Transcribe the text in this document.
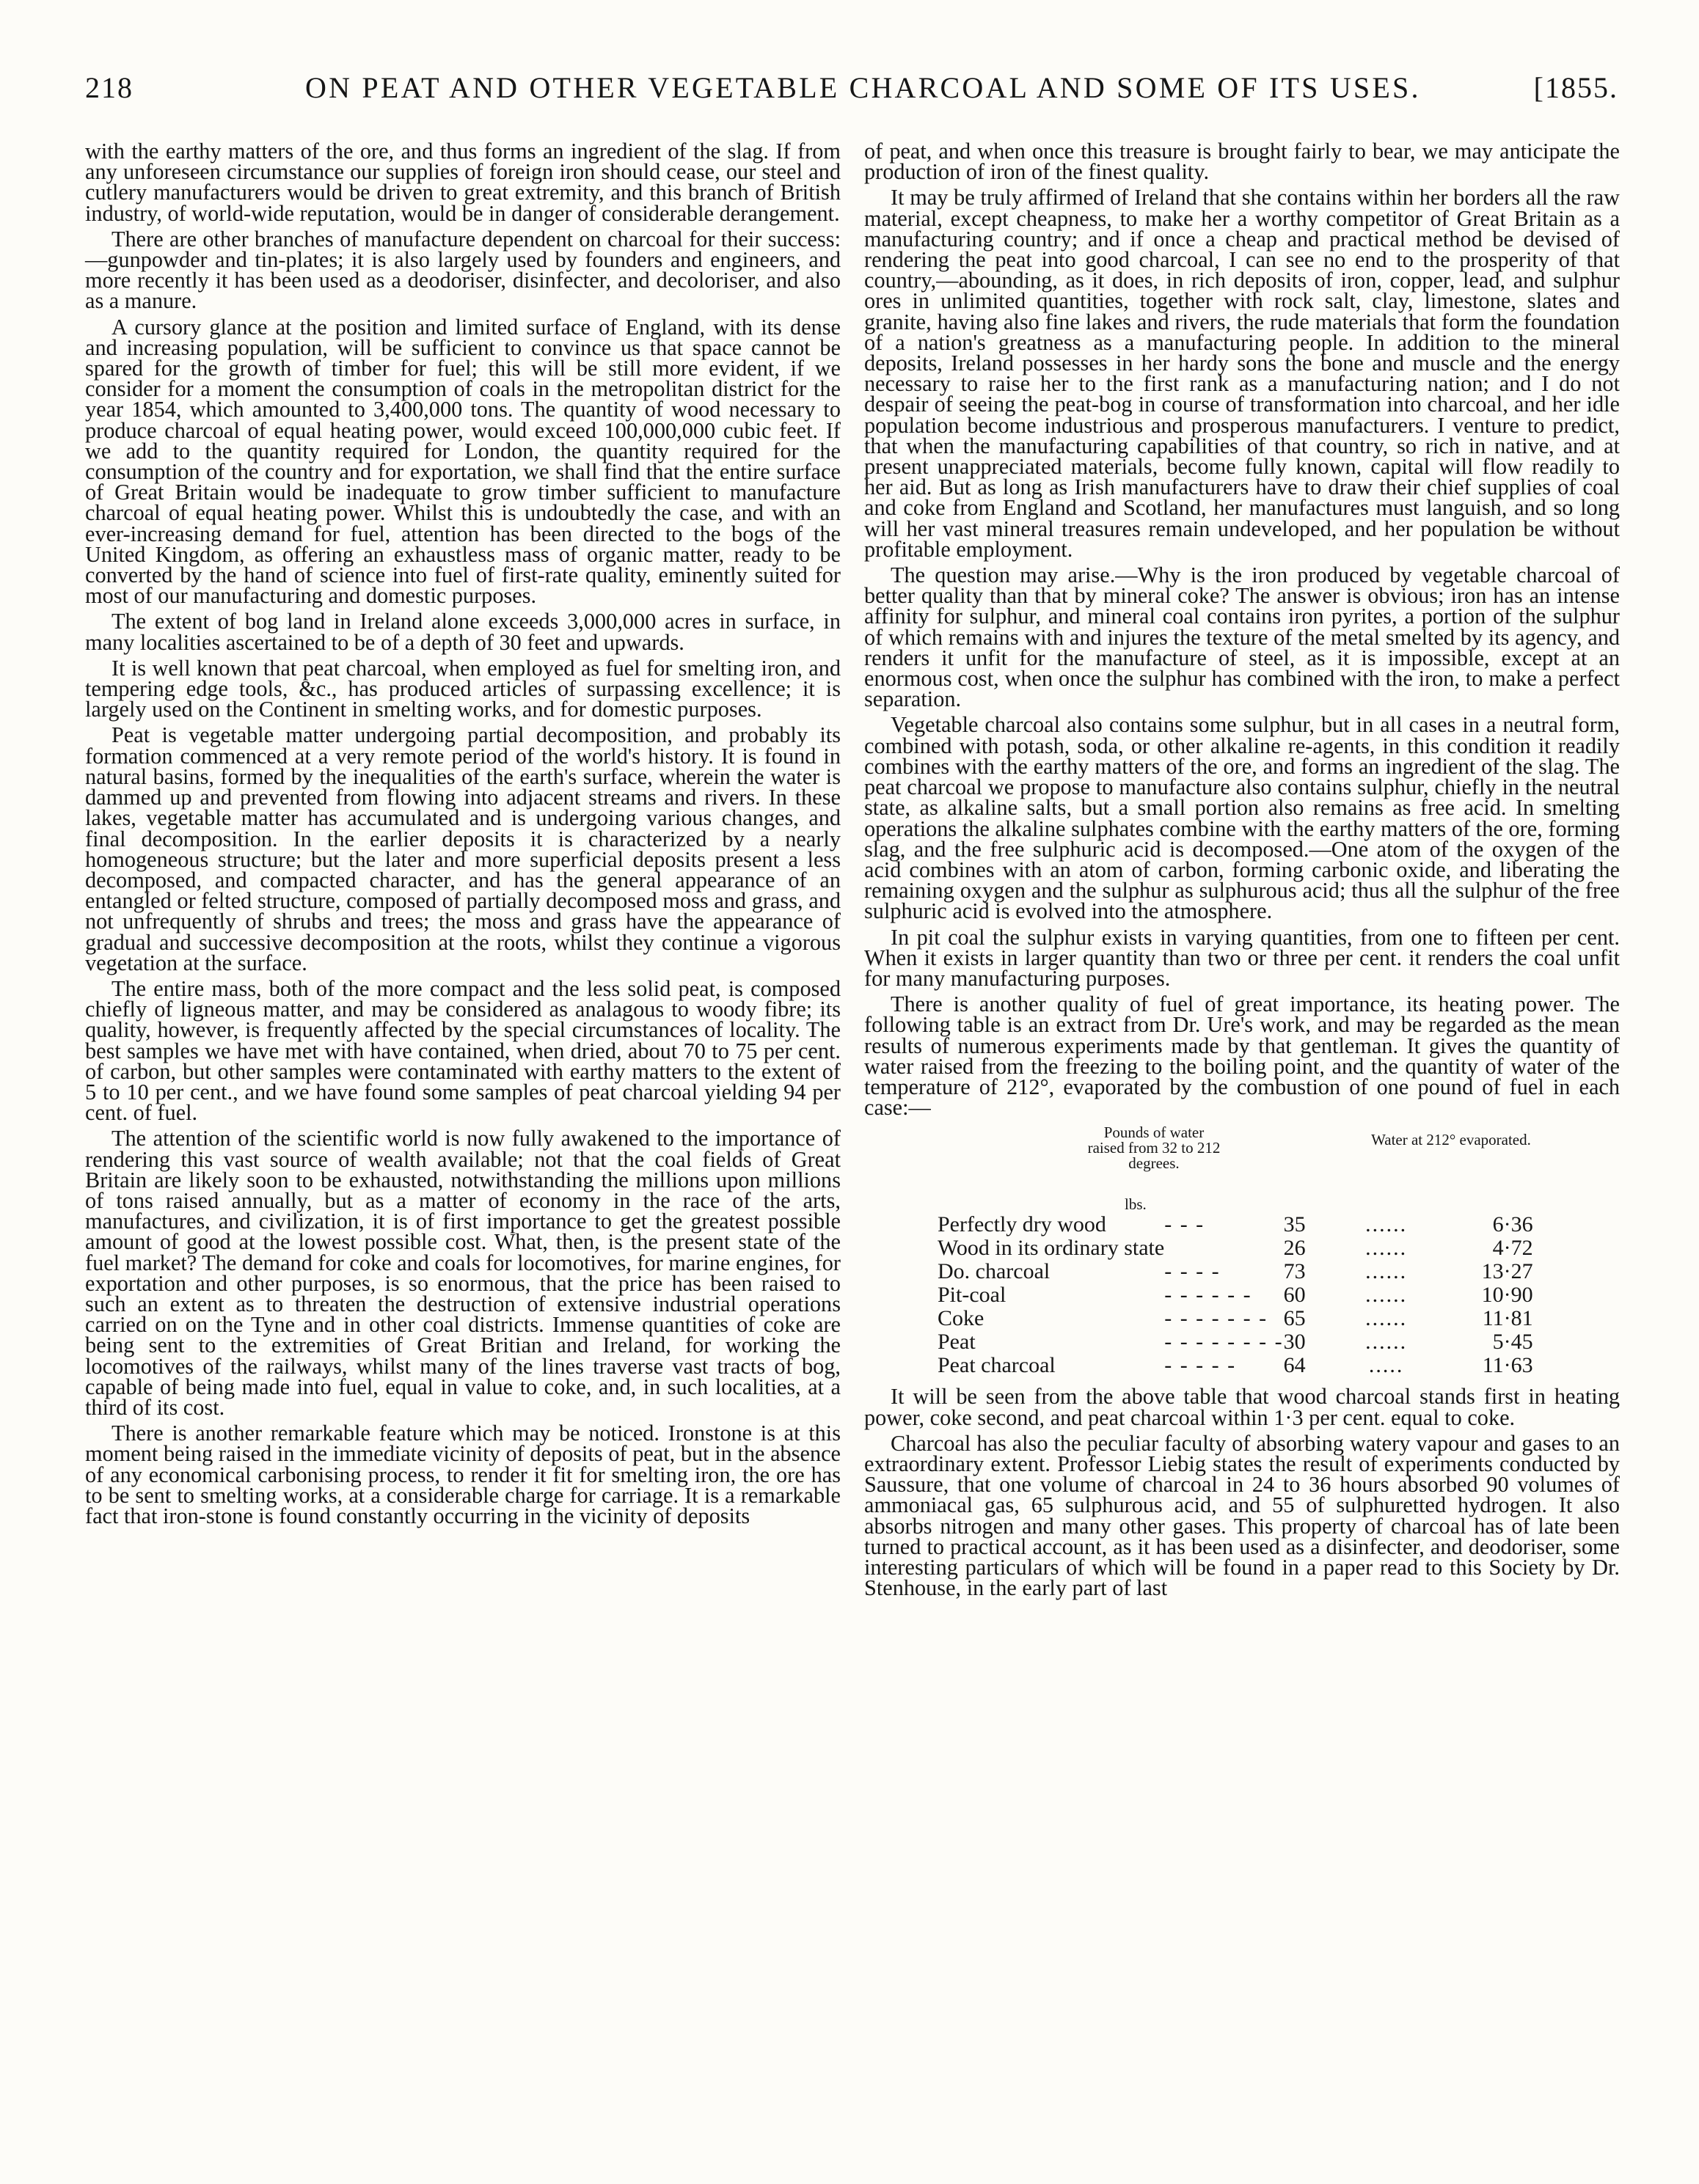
218	ON PEAT AND OTHER VEGETABLE CHARCOAL AND SOME OF ITS USES.	[1855.

with the earthy matters of the ore, and thus forms an ingredient of the slag. If from any unforeseen circumstance our supplies of foreign iron should cease, our steel and cutlery manufacturers would be driven to great extremity, and this branch of British industry, of world-wide reputation, would be in danger of considerable derangement.

There are other branches of manufacture dependent on charcoal for their success:—gunpowder and tin-plates; it is also largely used by founders and engineers, and more recently it has been used as a deodoriser, disinfecter, and decoloriser, and also as a manure.

A cursory glance at the position and limited surface of England, with its dense and increasing population, will be sufficient to convince us that space cannot be spared for the growth of timber for fuel; this will be still more evident, if we consider for a moment the consumption of coals in the metropolitan district for the year 1854, which amounted to 3,400,000 tons. The quantity of wood necessary to produce charcoal of equal heating power, would exceed 100,000,000 cubic feet. If we add to the quantity required for London, the quantity required for the consumption of the country and for exportation, we shall find that the entire surface of Great Britain would be inadequate to grow timber sufficient to manufacture charcoal of equal heating power. Whilst this is undoubtedly the case, and with an ever-increasing demand for fuel, attention has been directed to the bogs of the United Kingdom, as offering an exhaustless mass of organic matter, ready to be converted by the hand of science into fuel of first-rate quality, eminently suited for most of our manufacturing and domestic purposes.

The extent of bog land in Ireland alone exceeds 3,000,000 acres in surface, in many localities ascertained to be of a depth of 30 feet and upwards.

It is well known that peat charcoal, when employed as fuel for smelting iron, and tempering edge tools, &c., has produced articles of surpassing excellence; it is largely used on the Continent in smelting works, and for domestic purposes.

Peat is vegetable matter undergoing partial decomposition, and probably its formation commenced at a very remote period of the world's history. It is found in natural basins, formed by the inequalities of the earth's surface, wherein the water is dammed up and prevented from flowing into adjacent streams and rivers. In these lakes, vegetable matter has accumulated and is undergoing various changes, and final decomposition. In the earlier deposits it is characterized by a nearly homogeneous structure; but the later and more superficial deposits present a less decomposed, and compacted character, and has the general appearance of an entangled or felted structure, composed of partially decomposed moss and grass, and not unfrequently of shrubs and trees; the moss and grass have the appearance of gradual and successive decomposition at the roots, whilst they continue a vigorous vegetation at the surface.

The entire mass, both of the more compact and the less solid peat, is composed chiefly of ligneous matter, and may be considered as analagous to woody fibre; its quality, however, is frequently affected by the special circumstances of locality. The best samples we have met with have contained, when dried, about 70 to 75 per cent. of carbon, but other samples were contaminated with earthy matters to the extent of 5 to 10 per cent., and we have found some samples of peat charcoal yielding 94 per cent. of fuel.

The attention of the scientific world is now fully awakened to the importance of rendering this vast source of wealth available; not that the coal fields of Great Britain are likely soon to be exhausted, notwithstanding the millions upon millions of tons raised annually, but as a matter of economy in the race of the arts, manufactures, and civilization, it is of first importance to get the greatest possible amount of good at the lowest possible cost. What, then, is the present state of the fuel market? The demand for coke and coals for locomotives, for marine engines, for exportation and other purposes, is so enormous, that the price has been raised to such an extent as to threaten the destruction of extensive industrial operations carried on on the Tyne and in other coal districts. Immense quantities of coke are being sent to the extremities of Great Britian and Ireland, for working the locomotives of the railways, whilst many of the lines traverse vast tracts of bog, capable of being made into fuel, equal in value to coke, and, in such localities, at a third of its cost.

There is another remarkable feature which may be noticed. Ironstone is at this moment being raised in the immediate vicinity of deposits of peat, but in the absence of any economical carbonising process, to render it fit for smelting iron, the ore has to be sent to smelting works, at a considerable charge for carriage. It is a remarkable fact that iron-stone is found constantly occurring in the vicinity of deposits

of peat, and when once this treasure is brought fairly to bear, we may anticipate the production of iron of the finest quality.

It may be truly affirmed of Ireland that she contains within her borders all the raw material, except cheapness, to make her a worthy competitor of Great Britain as a manufacturing country; and if once a cheap and practical method be devised of rendering the peat into good charcoal, I can see no end to the prosperity of that country,—abounding, as it does, in rich deposits of iron, copper, lead, and sulphur ores in unlimited quantities, together with rock salt, clay, limestone, slates and granite, having also fine lakes and rivers, the rude materials that form the foundation of a nation's greatness as a manufacturing people. In addition to the mineral deposits, Ireland possesses in her hardy sons the bone and muscle and the energy necessary to raise her to the first rank as a manufacturing nation; and I do not despair of seeing the peat-bog in course of transformation into charcoal, and her idle population become industrious and prosperous manufacturers. I venture to predict, that when the manufacturing capabilities of that country, so rich in native, and at present unappreciated materials, become fully known, capital will flow readily to her aid. But as long as Irish manufacturers have to draw their chief supplies of coal and coke from England and Scotland, her manufactures must languish, and so long will her vast mineral treasures remain undeveloped, and her population be without profitable employment.

The question may arise.—Why is the iron produced by vegetable charcoal of better quality than that by mineral coke? The answer is obvious; iron has an intense affinity for sulphur, and mineral coal contains iron pyrites, a portion of the sulphur of which remains with and injures the texture of the metal smelted by its agency, and renders it unfit for the manufacture of steel, as it is impossible, except at an enormous cost, when once the sulphur has combined with the iron, to make a perfect separation.

Vegetable charcoal also contains some sulphur, but in all cases in a neutral form, combined with potash, soda, or other alkaline re-agents, in this condition it readily combines with the earthy matters of the ore, and forms an ingredient of the slag. The peat charcoal we propose to manufacture also contains sulphur, chiefly in the neutral state, as alkaline salts, but a small portion also remains as free acid. In smelting operations the alkaline sulphates combine with the earthy matters of the ore, forming slag, and the free sulphuric acid is decomposed.—One atom of the oxygen of the acid combines with an atom of carbon, forming carbonic oxide, and liberating the remaining oxygen and the sulphur as sulphurous acid; thus all the sulphur of the free sulphuric acid is evolved into the atmosphere.

In pit coal the sulphur exists in varying quantities, from one to fifteen per cent. When it exists in larger quantity than two or three per cent. it renders the coal unfit for many manufacturing purposes.

There is another quality of fuel of great importance, its heating power. The following table is an extract from Dr. Ure's work, and may be regarded as the mean results of numerous experiments made by that gentleman. It gives the quantity of water raised from the freezing to the boiling point, and the quantity of water of the temperature of 212°, evaporated by the combustion of one pound of fuel in each case:—

Pounds of water raised from 32 to 212 degrees.
Water at 212° evaporated.
lbs.
Perfectly dry wood	- - -	35	......	6·36
Wood in its ordinary state		26	......	4·72
Do. charcoal	- - - -	73	......	13·27
Pit-coal	- - - - - -	60	......	10·90
Coke	- - - - - - -	65	......	11·81
Peat	- - - - - - - -	30	......	5·45
Peat charcoal	- - - - -	64	.....	11·63

It will be seen from the above table that wood charcoal stands first in heating power, coke second, and peat charcoal within 1·3 per cent. equal to coke.

Charcoal has also the peculiar faculty of absorbing watery vapour and gases to an extraordinary extent. Professor Liebig states the result of experiments conducted by Saussure, that one volume of charcoal in 24 to 36 hours absorbed 90 volumes of ammoniacal gas, 65 sulphurous acid, and 55 of sulphuretted hydrogen. It also absorbs nitrogen and many other gases. This property of charcoal has of late been turned to practical account, as it has been used as a disinfecter, and deodoriser, some interesting particulars of which will be found in a paper read to this Society by Dr. Stenhouse, in the early part of last
